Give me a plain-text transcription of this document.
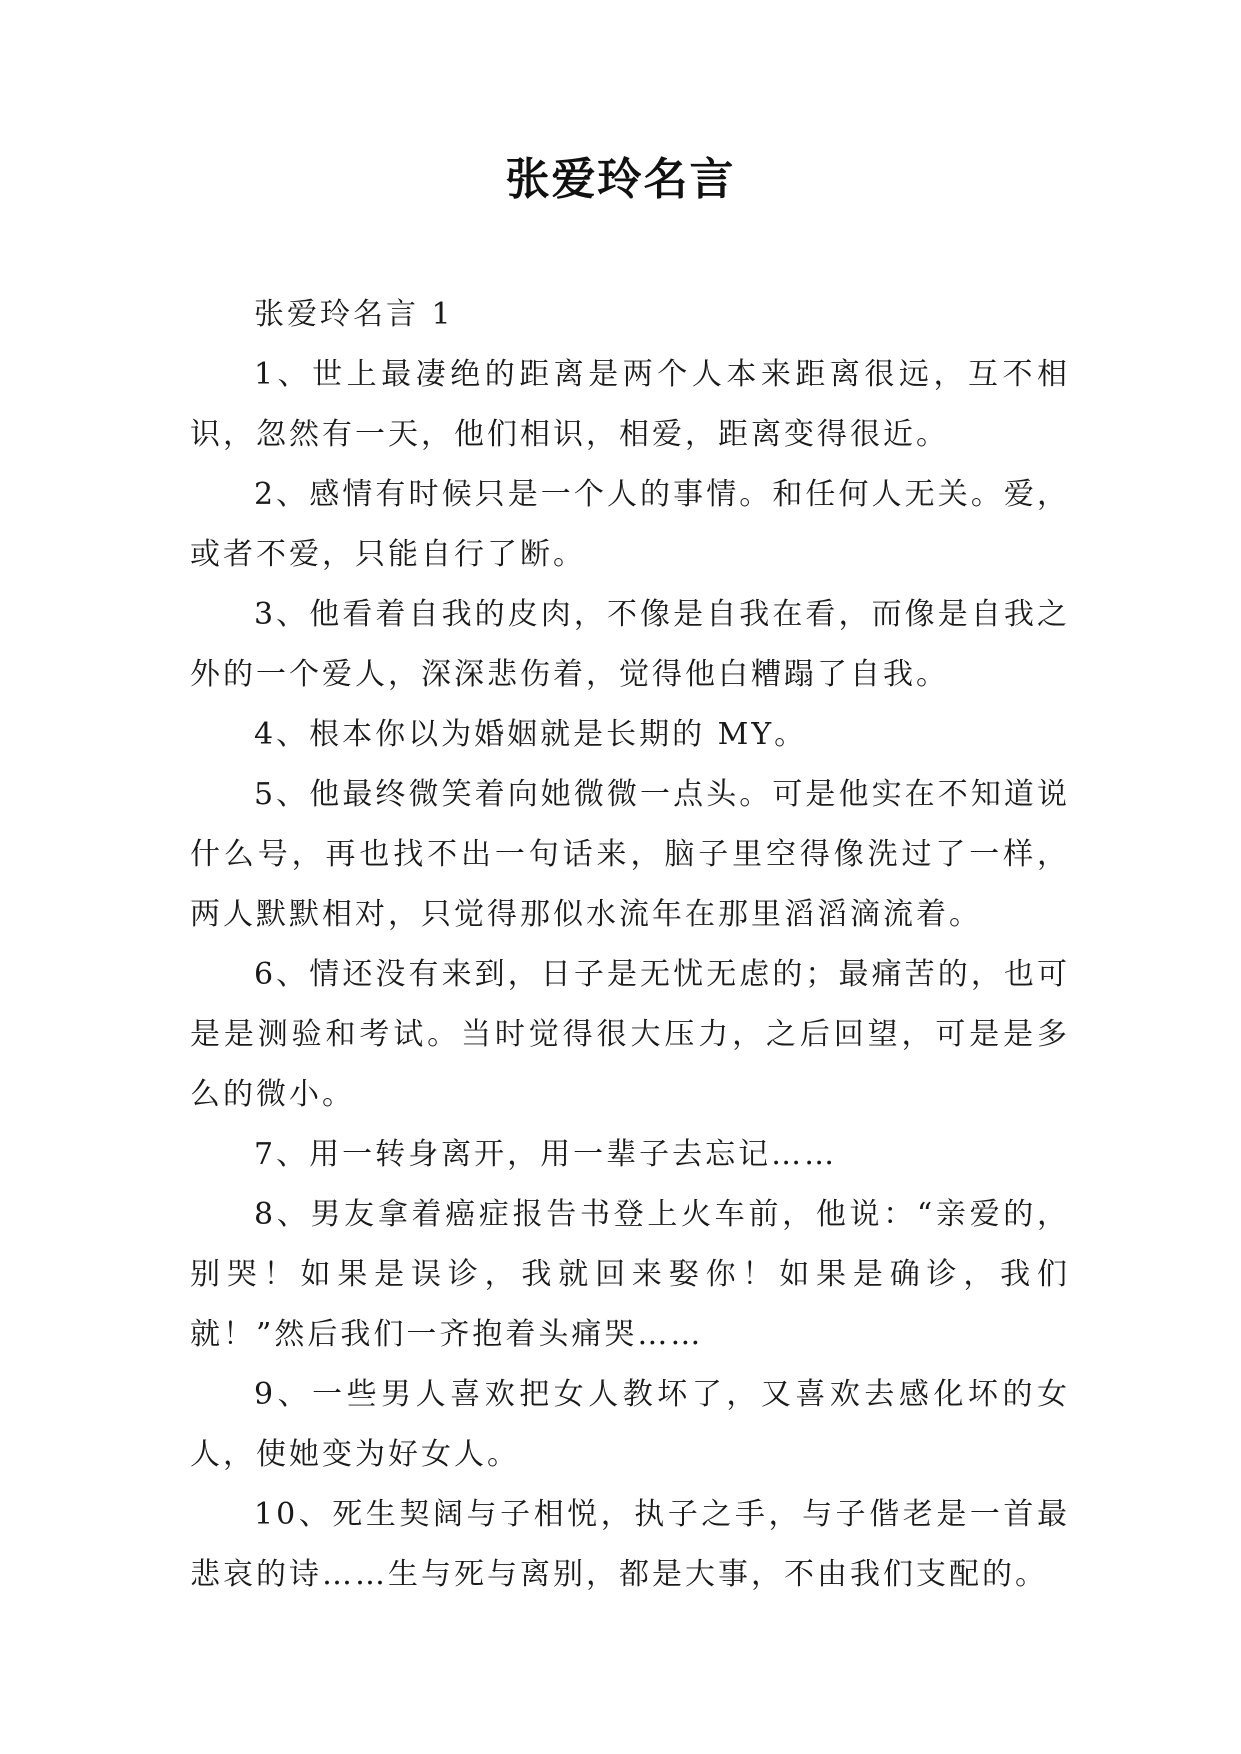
张爱玲名言

张爱玲名言 1

1、世上最凄绝的距离是两个人本来距离很远，互不相识，忽然有一天，他们相识，相爱，距离变得很近。

2、感情有时候只是一个人的事情。和任何人无关。爱，或者不爱，只能自行了断。

3、他看着自我的皮肉，不像是自我在看，而像是自我之外的一个爱人，深深悲伤着，觉得他白糟蹋了自我。

4、根本你以为婚姻就是长期的 MY。

5、他最终微笑着向她微微一点头。可是他实在不知道说什么号，再也找不出一句话来，脑子里空得像洗过了一样，两人默默相对，只觉得那似水流年在那里滔滔滴流着。

6、情还没有来到，日子是无忧无虑的；最痛苦的，也可是是测验和考试。当时觉得很大压力，之后回望，可是是多么的微小。

7、用一转身离开，用一辈子去忘记……

8、男友拿着癌症报告书登上火车前，他说：“亲爱的，别哭！如果是误诊，我就回来娶你！如果是确诊，我们就！”然后我们一齐抱着头痛哭……

9、一些男人喜欢把女人教坏了，又喜欢去感化坏的女人，使她变为好女人。

10、死生契阔与子相悦，执子之手，与子偕老是一首最悲哀的诗……生与死与离别，都是大事，不由我们支配的。
